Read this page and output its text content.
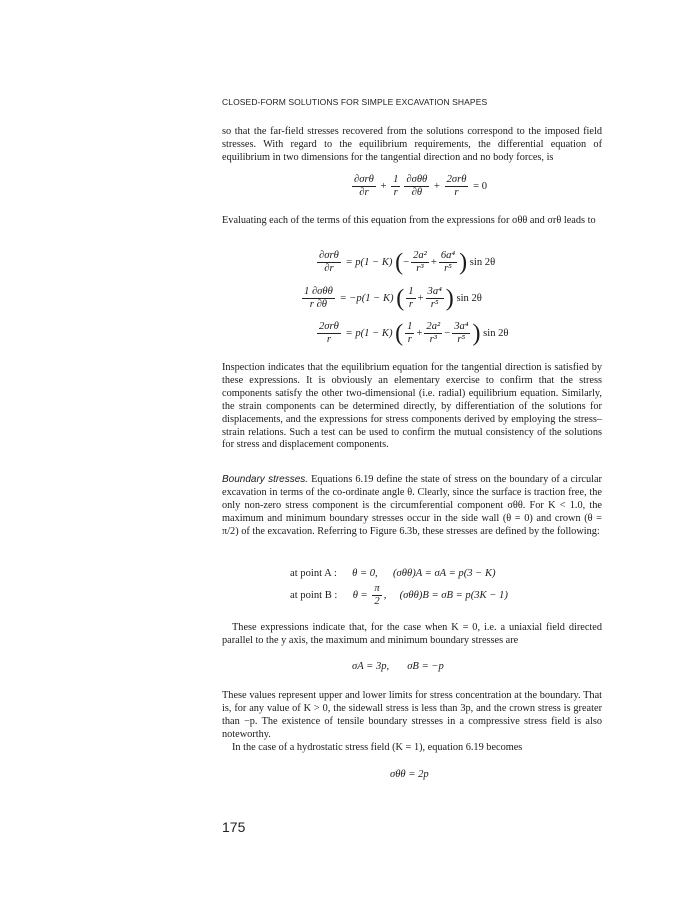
CLOSED-FORM SOLUTIONS FOR SIMPLE EXCAVATION SHAPES

so that the far-field stresses recovered from the solutions correspond to the imposed field stresses. With regard to the equilibrium requirements, the differential equation of equilibrium in two dimensions for the tangential direction and no body forces, is

$\frac{\text{∂σrθ}}{\partial r} + \frac{1}{r} \frac{\text{∂σθθ}}{\partial\theta} + \frac{\text{2σrθ}}{r} = 0$

Evaluating each of the terms of this equation from the expressions for σθθ and σrθ leads to

$\frac{\text{∂σrθ}}{\partial r} = p(1 - K)$ (− $\frac{\text{2a²}}{\text{r³}} + \frac{\text{6a⁴}}{\text{r⁵}}$ ) sin 2θ
$\frac{\text{1 ∂σθθ}}{r \partial\theta} = -p(1 - K)$ ( $\frac{1}{r} + \frac{\text{3a⁴}}{\text{r⁵}}$ ) sin 2θ
$\frac{\text{2σrθ}}{r} = p(1 - K)$ ( $\frac{1}{r} + \frac{\text{2a²}}{\text{r³}} - \frac{\text{3a⁴}}{\text{r⁵}}$ ) sin 2θ

Inspection indicates that the equilibrium equation for the tangential direction is satisfied by these expressions. It is obviously an elementary exercise to confirm that the stress components satisfy the other two-dimensional (i.e. radial) equilibrium equation. Similarly, the strain components can be determined directly, by differentiation of the solutions for displacements, and the expressions for stress components derived by employing the stress–strain relations. Such a test can be used to confirm the mutual consistency of the solutions for stress and displacement components.

Boundary stresses. Equations 6.19 define the state of stress on the boundary of a circular excavation in terms of the co-ordinate angle θ. Clearly, since the surface is traction free, the only non-zero stress component is the circumferential component σθθ. For K < 1.0, the maximum and minimum boundary stresses occur in the side wall (θ = 0) and crown (θ = π/2) of the excavation. Referring to Figure 6.3b, these stresses are defined by the following:

at point A : θ = 0, (σθθ)A = σA = p(3 − K)
at point B : $\theta = \frac{\pi}{2}$ , (σθθ)B = σB = p(3K − 1)

These expressions indicate that, for the case when K = 0, i.e. a uniaxial field directed parallel to the y axis, the maximum and minimum boundary stresses are

σA = 3p, σB = −p

These values represent upper and lower limits for stress concentration at the boundary. That is, for any value of K > 0, the sidewall stress is less than 3p, and the crown stress is greater than −p. The existence of tensile boundary stresses in a compressive stress field is also noteworthy.

In the case of a hydrostatic stress field (K = 1), equation 6.19 becomes

σθθ = 2p
175
